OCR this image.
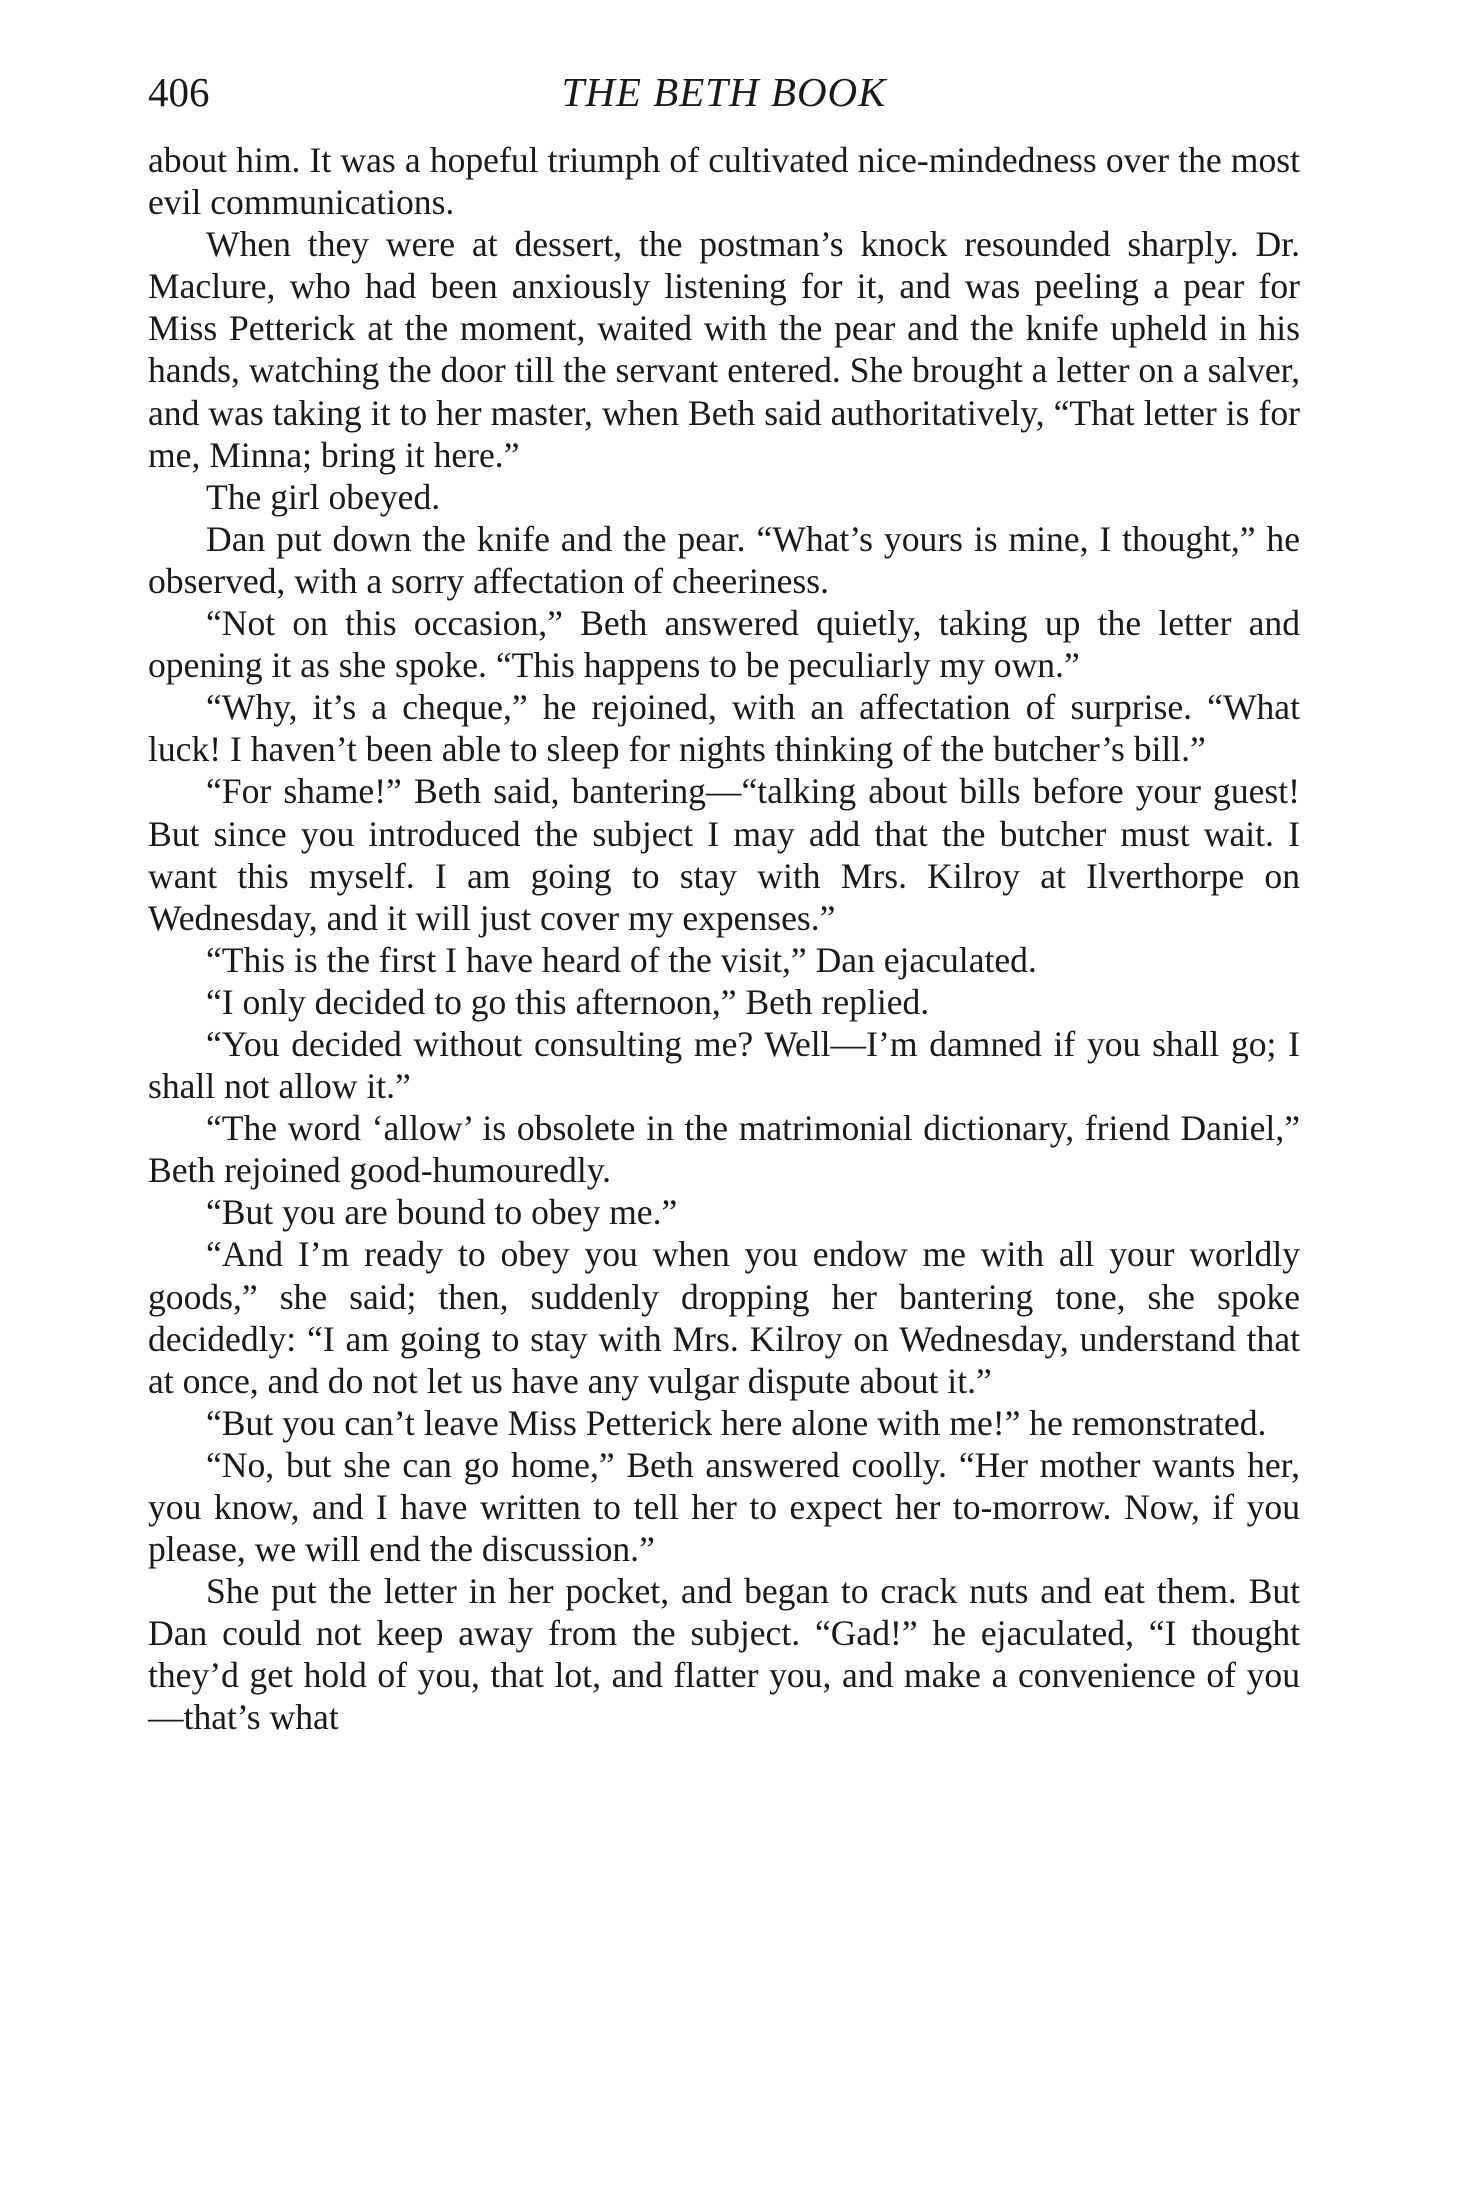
406	THE BETH BOOK

about him. It was a hopeful triumph of cultivated nice-mindedness over the most evil communications.

When they were at dessert, the postman’s knock resounded sharply. Dr. Maclure, who had been anxiously listening for it, and was peeling a pear for Miss Petterick at the moment, waited with the pear and the knife upheld in his hands, watching the door till the servant entered. She brought a letter on a salver, and was taking it to her master, when Beth said authoritatively, “That letter is for me, Minna; bring it here.”

The girl obeyed.

Dan put down the knife and the pear. “What’s yours is mine, I thought,” he observed, with a sorry affectation of cheeriness.

“Not on this occasion,” Beth answered quietly, taking up the letter and opening it as she spoke. “This happens to be peculiarly my own.”

“Why, it’s a cheque,” he rejoined, with an affectation of surprise. “What luck! I haven’t been able to sleep for nights thinking of the butcher’s bill.”

“For shame!” Beth said, bantering—“talking about bills before your guest! But since you introduced the subject I may add that the butcher must wait. I want this myself. I am going to stay with Mrs. Kilroy at Ilverthorpe on Wednesday, and it will just cover my expenses.”

“This is the first I have heard of the visit,” Dan ejaculated.

“I only decided to go this afternoon,” Beth replied.

“You decided without consulting me? Well—I’m damned if you shall go; I shall not allow it.”

“The word ‘allow’ is obsolete in the matrimonial dictionary, friend Daniel,” Beth rejoined good-humouredly.

“But you are bound to obey me.”

“And I’m ready to obey you when you endow me with all your worldly goods,” she said; then, suddenly dropping her bantering tone, she spoke decidedly: “I am going to stay with Mrs. Kilroy on Wednesday, understand that at once, and do not let us have any vulgar dispute about it.”

“But you can’t leave Miss Petterick here alone with me!” he remonstrated.

“No, but she can go home,” Beth answered coolly. “Her mother wants her, you know, and I have written to tell her to expect her to-morrow. Now, if you please, we will end the discussion.”

She put the letter in her pocket, and began to crack nuts and eat them. But Dan could not keep away from the subject. “Gad!” he ejaculated, “I thought they’d get hold of you, that lot, and flatter you, and make a convenience of you—that’s what
